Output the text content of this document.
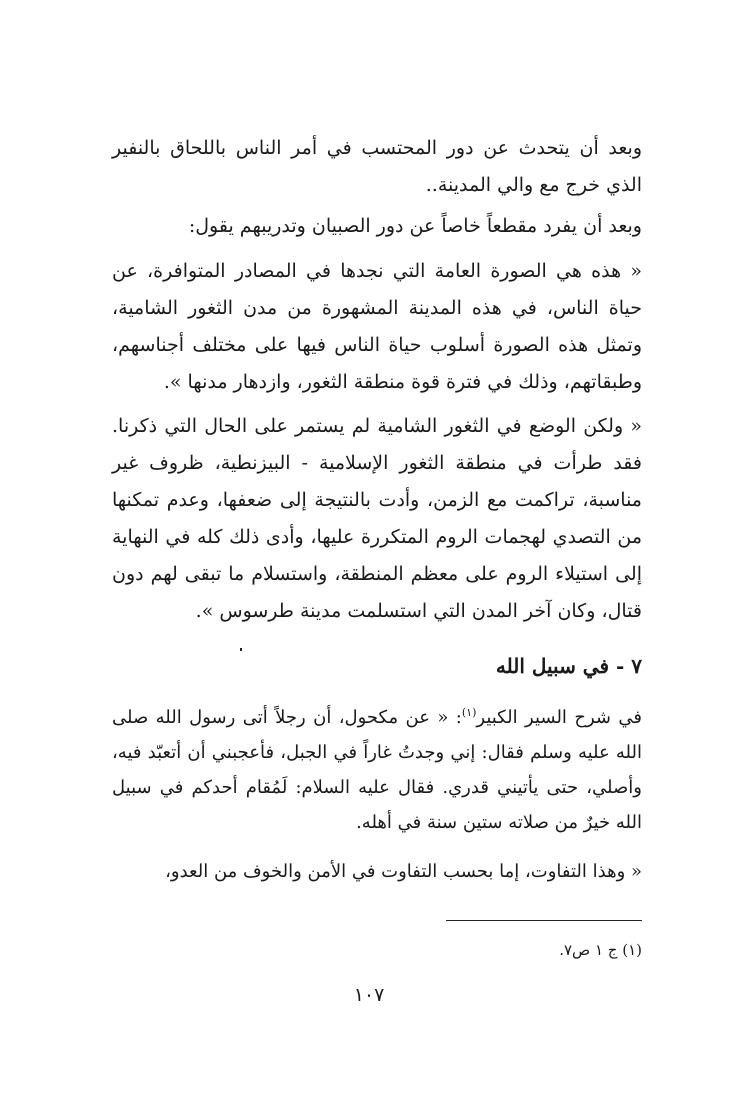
وبعد أن يتحدث عن دور المحتسب في أمر الناس باللحاق بالنفير الذي خرج مع والي المدينة..

وبعد أن يفرد مقطعاً خاصاً عن دور الصبيان وتدريبهم يقول:

« هذه هي الصورة العامة التي نجدها في المصادر المتوافرة، عن حياة الناس، في هذه المدينة المشهورة من مدن الثغور الشامية، وتمثل هذه الصورة أسلوب حياة الناس فيها على مختلف أجناسهم، وطبقاتهم، وذلك في فترة قوة منطقة الثغور، وازدهار مدنها ».

« ولكن الوضع في الثغور الشامية لم يستمر على الحال التي ذكرنا. فقد طرأت في منطقة الثغور الإسلامية - البيزنطية، ظروف غير مناسبة، تراكمت مع الزمن، وأدت بالنتيجة إلى ضعفها، وعدم تمكنها من التصدي لهجمات الروم المتكررة عليها، وأدى ذلك كله في النهاية إلى استيلاء الروم على معظم المنطقة، واستسلام ما تبقى لهم دون قتال، وكان آخر المدن التي استسلمت مدينة طرسوس ».

٧ - في سبيل الله

في شرح السير الكبير$^{(١)}$: « عن مكحول، أن رجلاً أتى رسول الله صلى الله عليه وسلم فقال: إني وجدتُ غاراً في الجبل، فأعجبني أن أتعبّد فيه، وأصلي، حتى يأتيني قدري. فقال عليه السلام: لَمُقام أحدكم في سبيل الله خيرٌ من صلاته ستين سنة في أهله.

« وهذا التفاوت، إما بحسب التفاوت في الأمن والخوف من العدو،

(١) ج ١ ص٧.
١٠٧
